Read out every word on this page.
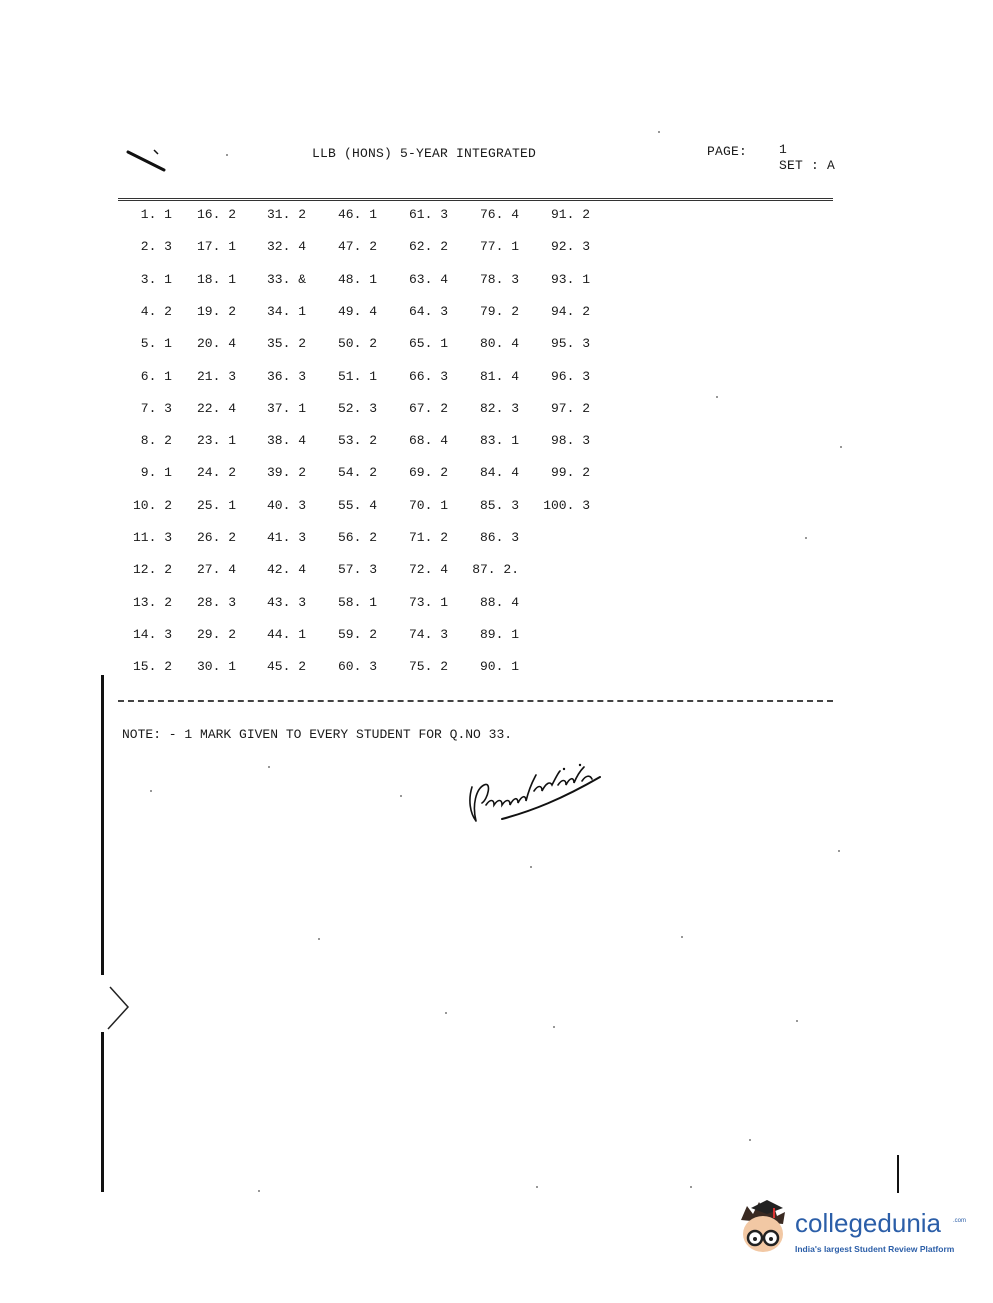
LLB (HONS) 5-YEAR INTEGRATED	PAGE: 1
SET : A
1. 1
2. 3
3. 1
4. 2
5. 1
6. 1
7. 3
8. 2
9. 1
10. 2
11. 3
12. 2
13. 2
14. 3
15. 2
16. 2
17. 1
18. 1
19. 2
20. 4
21. 3
22. 4
23. 1
24. 2
25. 1
26. 2
27. 4
28. 3
29. 2
30. 1
31. 2
32. 4
33. &
34. 1
35. 2
36. 3
37. 1
38. 4
39. 2
40. 3
41. 3
42. 4
43. 3
44. 1
45. 2
46. 1
47. 2
48. 1
49. 4
50. 2
51. 1
52. 3
53. 2
54. 2
55. 4
56. 2
57. 3
58. 1
59. 2
60. 3
61. 3
62. 2
63. 4
64. 3
65. 1
66. 3
67. 2
68. 4
69. 2
70. 1
71. 2
72. 4
73. 1
74. 3
75. 2
76. 4
77. 1
78. 3
79. 2
80. 4
81. 4
82. 3
83. 1
84. 4
85. 3
86. 3
87. 2.
88. 4
89. 1
90. 1
91. 2
92. 3
93. 1
94. 2
95. 3
96. 3
97. 2
98. 3
99. 2
100. 3
NOTE: - 1 MARK GIVEN TO EVERY STUDENT FOR Q.NO 33.
collegedunia .com
India's largest Student Review Platform
